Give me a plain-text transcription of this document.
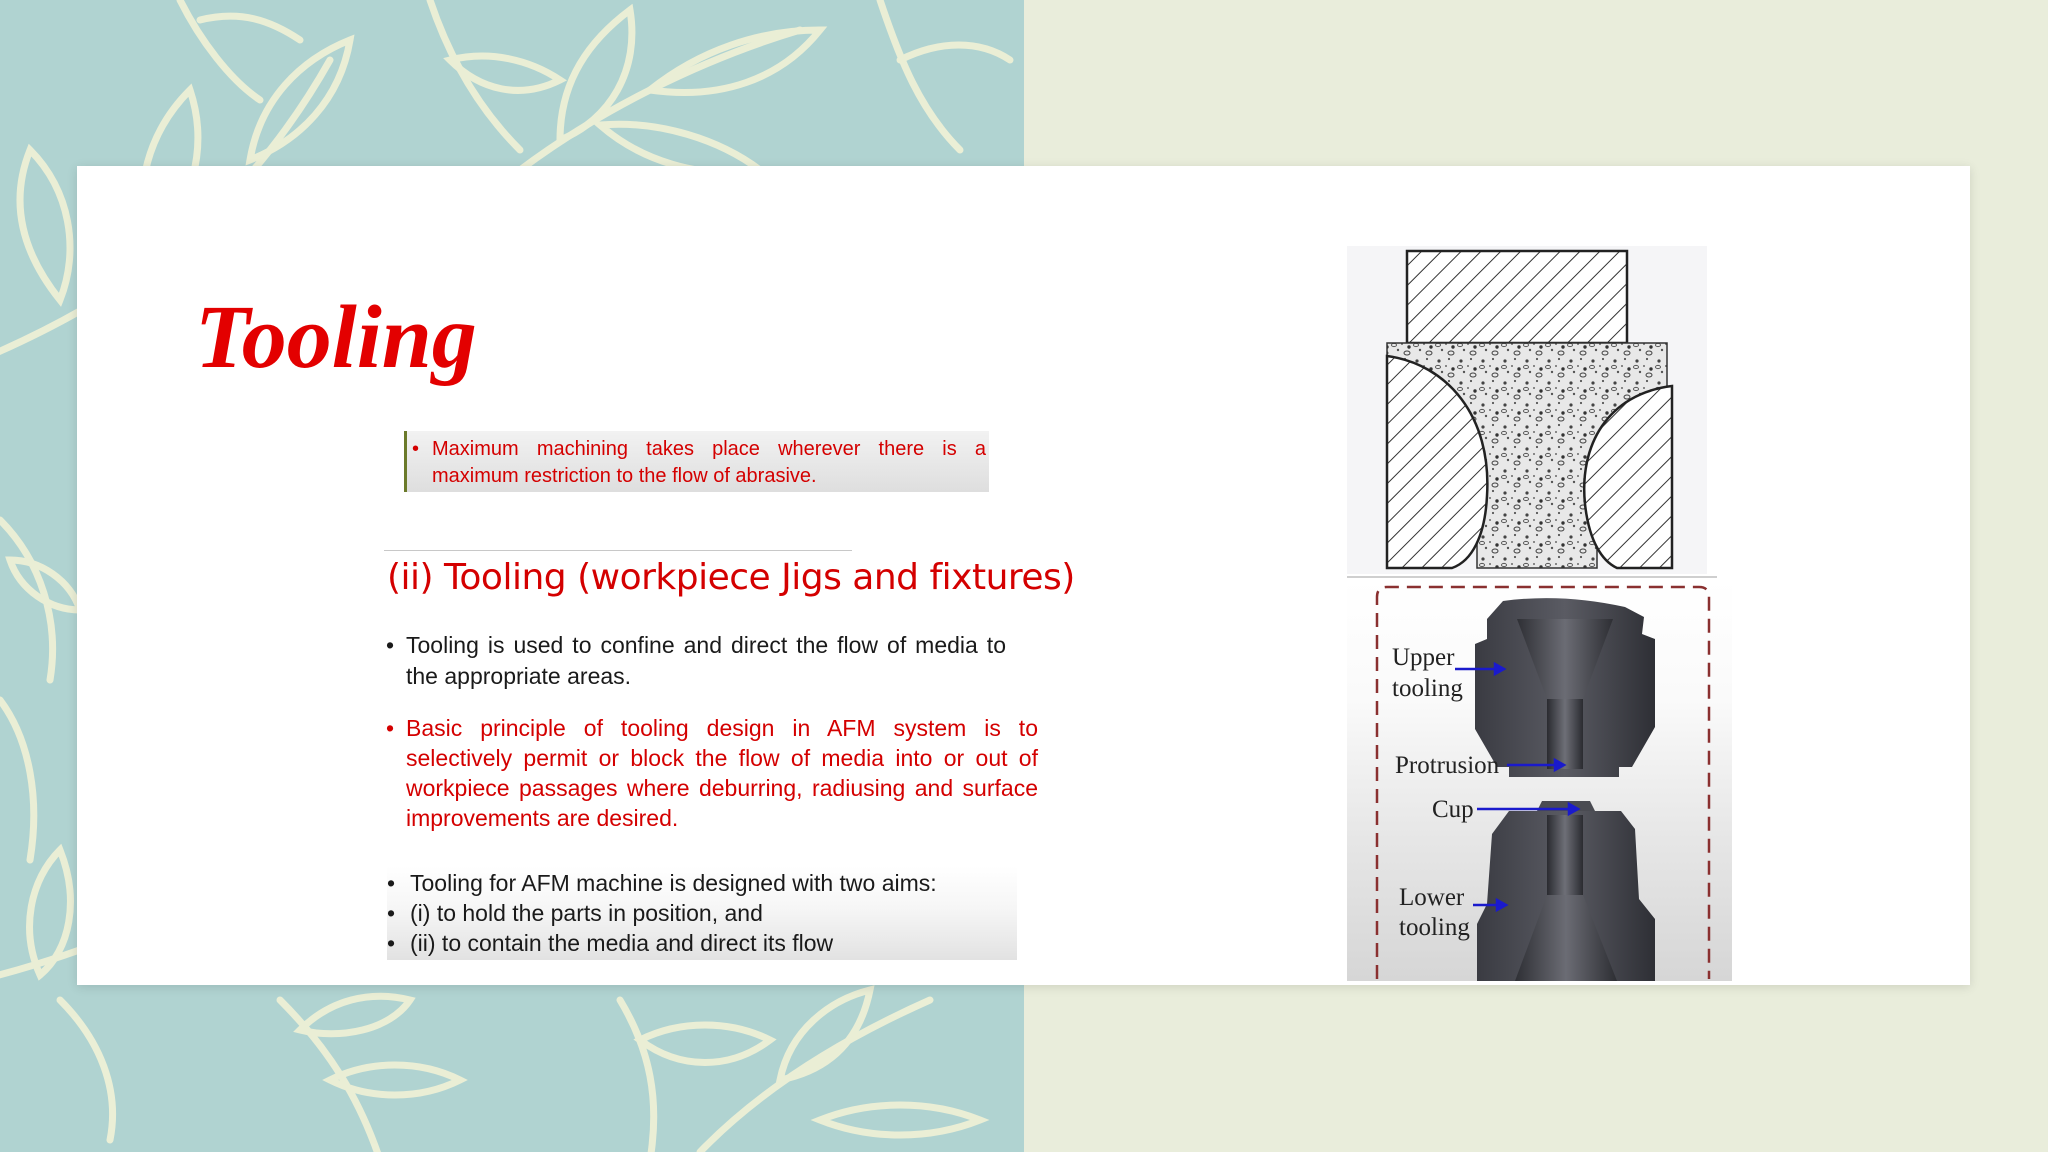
Tooling
• Maximum machining takes place wherever there is a maximum restriction to the flow of abrasive.
(ii) Tooling (workpiece Jigs and fixtures)
• Tooling is used to confine and direct the flow of media to the appropriate areas.
• Basic principle of tooling design in AFM system is to selectively permit or block the flow of media into or out of workpiece passages where deburring, radiusing and surface improvements are desired.
• Tooling for AFM machine is designed with two aims:
• (i) to hold the parts in position, and
• (ii) to contain the media and direct its flow
Upper
tooling
Protrusion
Cup
Lower
tooling
